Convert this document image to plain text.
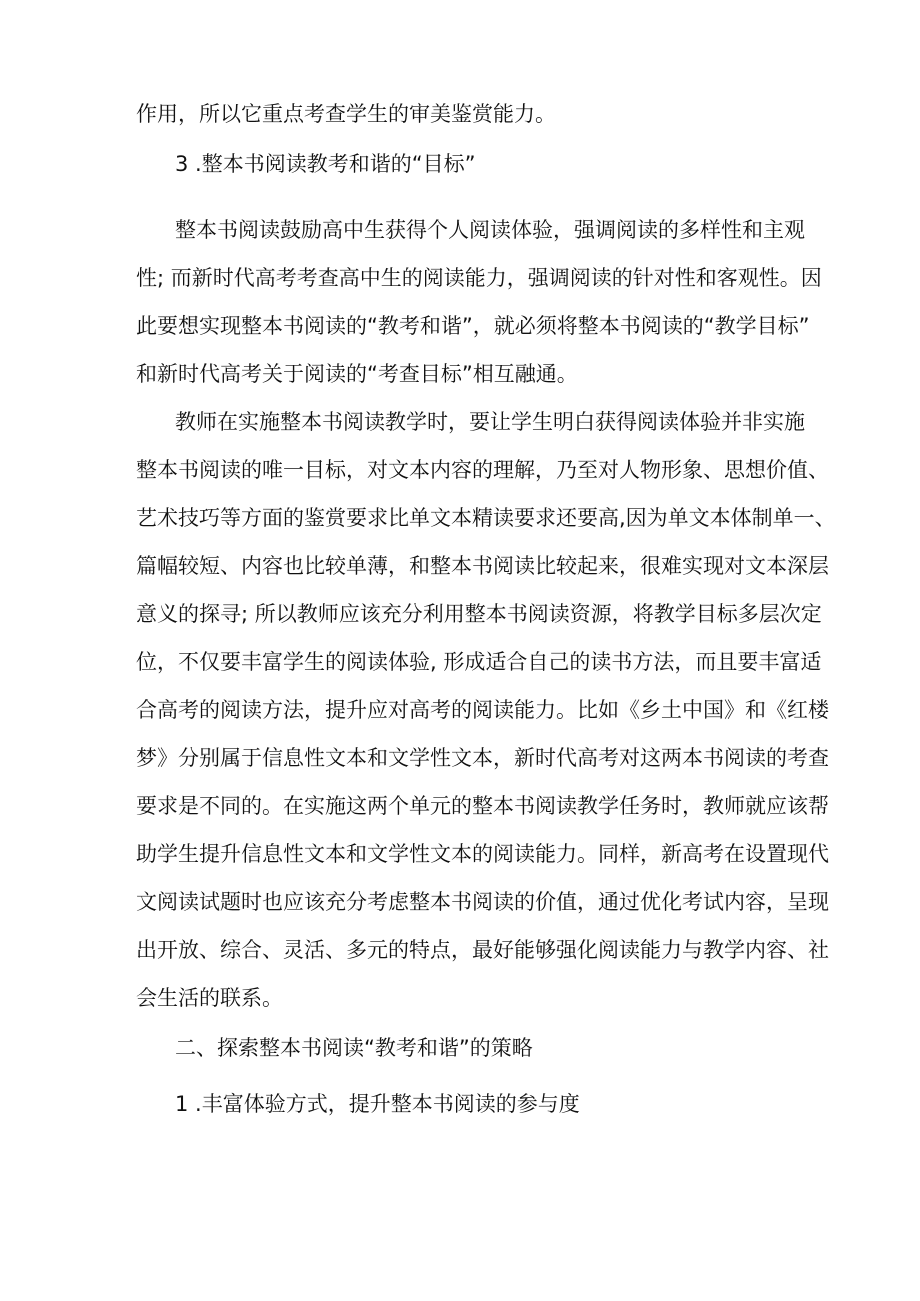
作用，所以它重点考查学生的审美鉴赏能力。
3 .整本书阅读教考和谐的“目标”
整本书阅读鼓励高中生获得个人阅读体验，强调阅读的多样性和主观
性; 而新时代高考考查高中生的阅读能力，强调阅读的针对性和客观性。因
此要想实现整本书阅读的“教考和谐”，就必须将整本书阅读的“教学目标”
和新时代高考关于阅读的“考查目标”相互融通。
教师在实施整本书阅读教学时，要让学生明白获得阅读体验并非实施
整本书阅读的唯一目标，对文本内容的理解，乃至对人物形象、思想价值、
艺术技巧等方面的鉴赏要求比单文本精读要求还要高,因为单文本体制单一、
篇幅较短、内容也比较单薄，和整本书阅读比较起来，很难实现对文本深层
意义的探寻; 所以教师应该充分利用整本书阅读资源，将教学目标多层次定
位，不仅要丰富学生的阅读体验, 形成适合自己的读书方法，而且要丰富适
合高考的阅读方法，提升应对高考的阅读能力。比如《乡土中国》和《红楼
梦》分别属于信息性文本和文学性文本，新时代高考对这两本书阅读的考查
要求是不同的。在实施这两个单元的整本书阅读教学任务时，教师就应该帮
助学生提升信息性文本和文学性文本的阅读能力。同样，新高考在设置现代
文阅读试题时也应该充分考虑整本书阅读的价值，通过优化考试内容，呈现
出开放、综合、灵活、多元的特点，最好能够强化阅读能力与教学内容、社
会生活的联系。
二、探索整本书阅读“教考和谐”的策略
1 .丰富体验方式，提升整本书阅读的参与度
